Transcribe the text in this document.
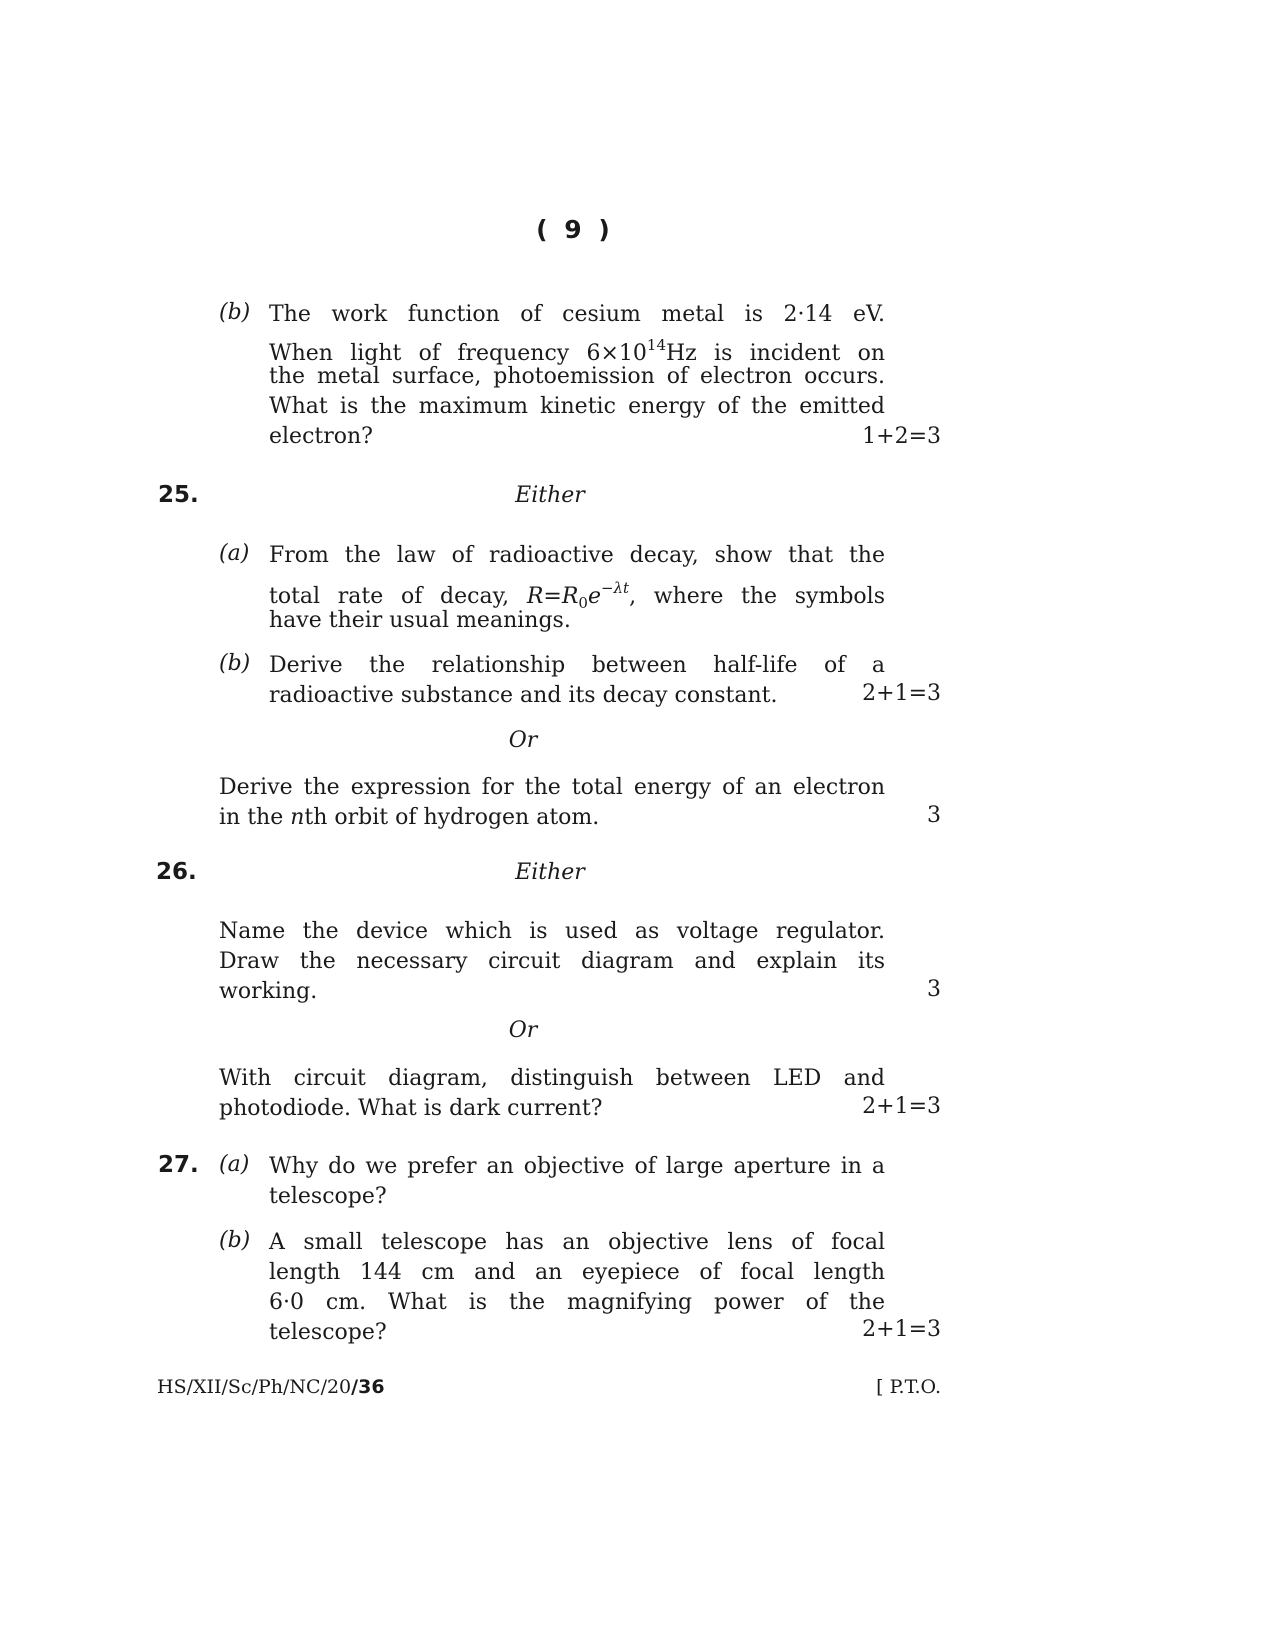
( 9 )
(b) The work function of cesium metal is 2·14 eV.
When light of frequency $6\times 10^{14}Hz$ is incident on
the metal surface, photoemission of electron occurs.
What is the maximum kinetic energy of the emitted
electron?	1+2=3
25.	Either
(a) From the law of radioactive decay, show that the
total rate of decay, $R=R_0e^{-\lambda t}$, where the symbols
have their usual meanings.
(b) Derive the relationship between half-life of a
radioactive substance and its decay constant.	2+1=3
Or
Derive the expression for the total energy of an electron
in the nth orbit of hydrogen atom.	3
26.	Either
Name the device which is used as voltage regulator.
Draw the necessary circuit diagram and explain its
working.	3
Or
With circuit diagram, distinguish between LED and
photodiode. What is dark current?	2+1=3
27. (a) Why do we prefer an objective of large aperture in a
telescope?
(b) A small telescope has an objective lens of focal
length 144 cm and an eyepiece of focal length
6·0 cm. What is the magnifying power of the
telescope?	2+1=3
HS/XII/Sc/Ph/NC/20/36	[ P.T.O.
